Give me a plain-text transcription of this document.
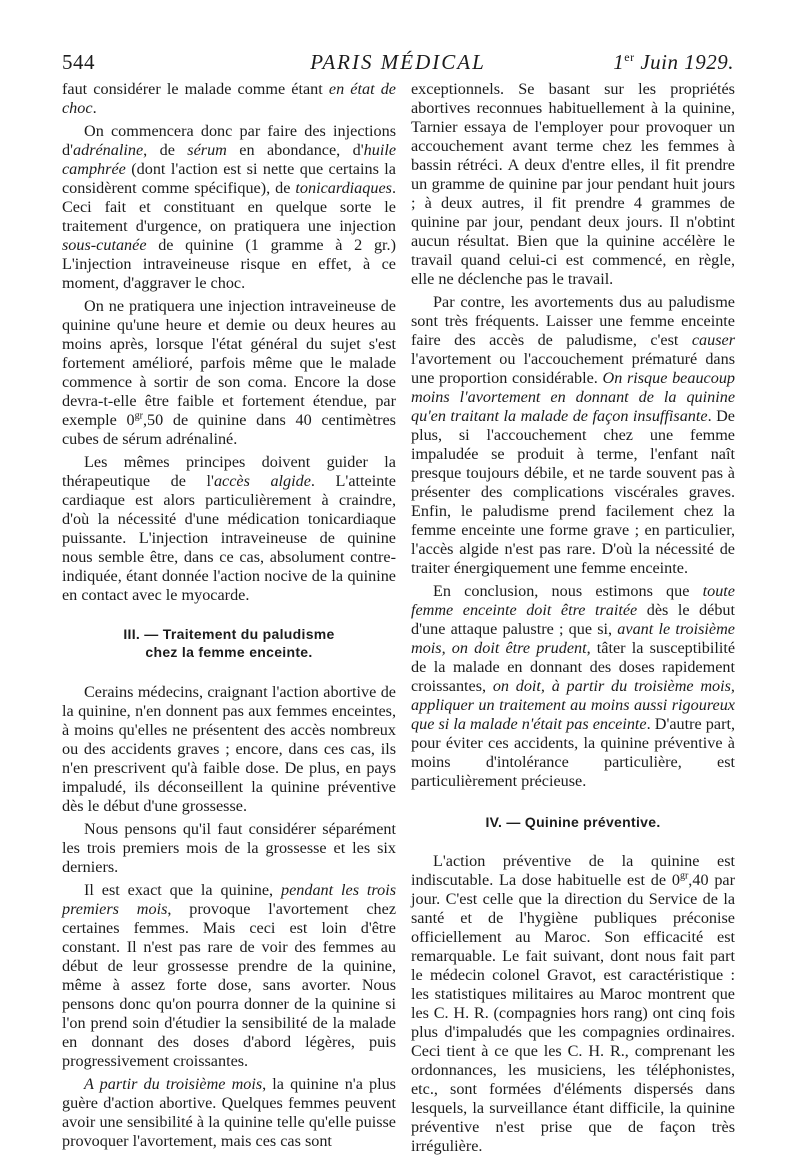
544	PARIS MÉDICAL	1er Juin 1929.

faut considérer le malade comme étant en état de choc.

On commencera donc par faire des injections d'adrénaline, de sérum en abondance, d'huile camphrée (dont l'action est si nette que certains la considèrent comme spécifique), de tonicardiaques. Ceci fait et constituant en quelque sorte le traitement d'urgence, on pratiquera une injection sous-cutanée de quinine (1 gramme à 2 gr.) L'injection intraveineuse risque en effet, à ce moment, d'aggraver le choc.

On ne pratiquera une injection intraveineuse de quinine qu'une heure et demie ou deux heures au moins après, lorsque l'état général du sujet s'est fortement amélioré, parfois même que le malade commence à sortir de son coma. Encore la dose devra-t-elle être faible et fortement étendue, par exemple $0^{gr},50$ de quinine dans 40 centimètres cubes de sérum adrénaliné.

Les mêmes principes doivent guider la thérapeutique de l'accès algide. L'atteinte cardiaque est alors particulièrement à craindre, d'où la nécessité d'une médication tonicardiaque puissante. L'injection intraveineuse de quinine nous semble être, dans ce cas, absolument contre-indiquée, étant donnée l'action nocive de la quinine en contact avec le myocarde.

III. — Traitement du paludisme
chez la femme enceinte.

Cerains médecins, craignant l'action abortive de la quinine, n'en donnent pas aux femmes enceintes, à moins qu'elles ne présentent des accès nombreux ou des accidents graves ; encore, dans ces cas, ils n'en prescrivent qu'à faible dose. De plus, en pays impaludé, ils déconseillent la quinine préventive dès le début d'une grossesse.

Nous pensons qu'il faut considérer séparément les trois premiers mois de la grossesse et les six derniers.

Il est exact que la quinine, pendant les trois premiers mois, provoque l'avortement chez certaines femmes. Mais ceci est loin d'être constant. Il n'est pas rare de voir des femmes au début de leur grossesse prendre de la quinine, même à assez forte dose, sans avorter. Nous pensons donc qu'on pourra donner de la quinine si l'on prend soin d'étudier la sensibilité de la malade en donnant des doses d'abord légères, puis progressivement croissantes.

A partir du troisième mois, la quinine n'a plus guère d'action abortive. Quelques femmes peuvent avoir une sensibilité à la quinine telle qu'elle puisse provoquer l'avortement, mais ces cas sont

exceptionnels. Se basant sur les propriétés abortives reconnues habituellement à la quinine, Tarnier essaya de l'employer pour provoquer un accouchement avant terme chez les femmes à bassin rétréci. A deux d'entre elles, il fit prendre un gramme de quinine par jour pendant huit jours ; à deux autres, il fit prendre 4 grammes de quinine par jour, pendant deux jours. Il n'obtint aucun résultat. Bien que la quinine accélère le travail quand celui-ci est commencé, en règle, elle ne déclenche pas le travail.

Par contre, les avortements dus au paludisme sont très fréquents. Laisser une femme enceinte faire des accès de paludisme, c'est causer l'avortement ou l'accouchement prématuré dans une proportion considérable. On risque beaucoup moins l'avortement en donnant de la quinine qu'en traitant la malade de façon insuffisante. De plus, si l'accouchement chez une femme impaludée se produit à terme, l'enfant naît presque toujours débile, et ne tarde souvent pas à présenter des complications viscérales graves. Enfin, le paludisme prend facilement chez la femme enceinte une forme grave ; en particulier, l'accès algide n'est pas rare. D'où la nécessité de traiter énergiquement une femme enceinte.

En conclusion, nous estimons que toute femme enceinte doit être traitée dès le début d'une attaque palustre ; que si, avant le troisième mois, on doit être prudent, tâter la susceptibilité de la malade en donnant des doses rapidement croissantes, on doit, à partir du troisième mois, appliquer un traitement au moins aussi rigoureux que si la malade n'était pas enceinte. D'autre part, pour éviter ces accidents, la quinine préventive à moins d'intolérance particulière, est particulièrement précieuse.

IV. — Quinine préventive.

L'action préventive de la quinine est indiscutable. La dose habituelle est de $0^{gr},40$ par jour. C'est celle que la direction du Service de la santé et de l'hygiène publiques préconise officiellement au Maroc. Son efficacité est remarquable. Le fait suivant, dont nous fait part le médecin colonel Gravot, est caractéristique : les statistiques militaires au Maroc montrent que les C. H. R. (compagnies hors rang) ont cinq fois plus d'impaludés que les compagnies ordinaires. Ceci tient à ce que les C. H. R., comprenant les ordonnances, les musiciens, les téléphonistes, etc., sont formées d'éléments dispersés dans lesquels, la surveillance étant difficile, la quinine préventive n'est prise que de façon très irrégulière.
